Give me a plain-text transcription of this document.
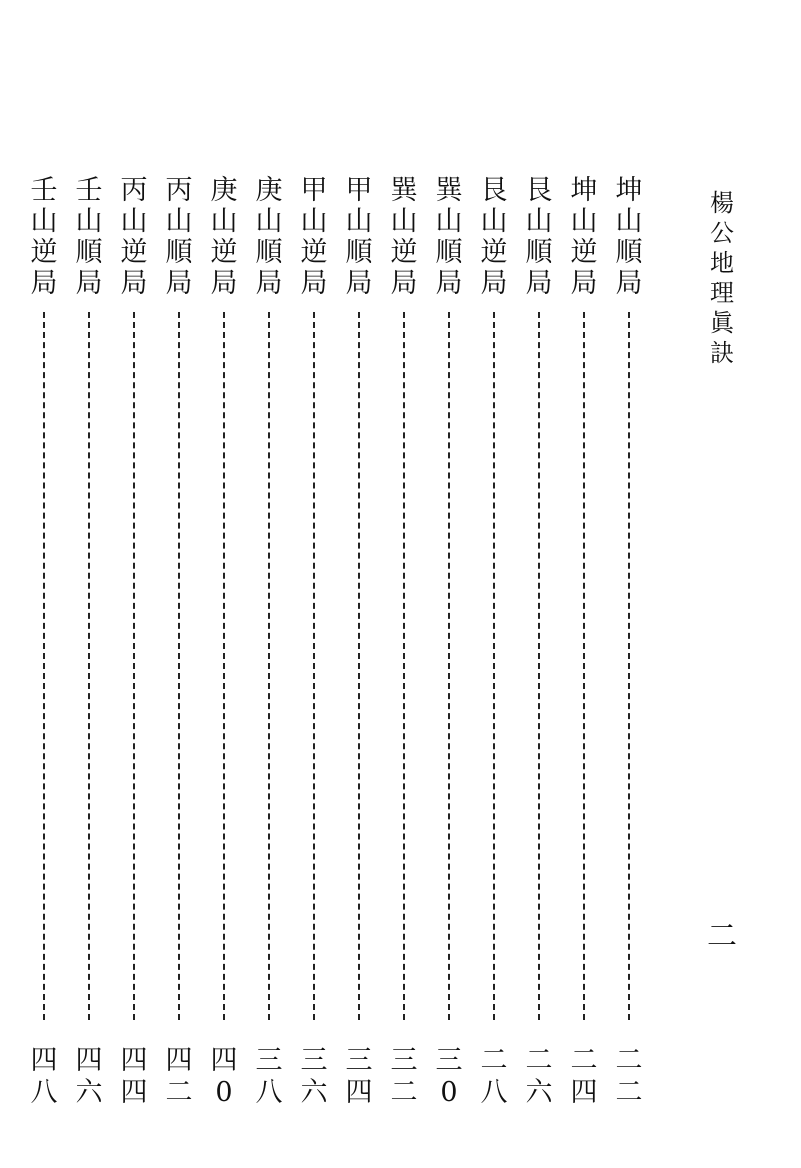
楊公地理眞訣
二
坤山順局
二二
坤山逆局
二四
艮山順局
二六
艮山逆局
二八
巽山順局
三0
巽山逆局
三二
甲山順局
三四
甲山逆局
三六
庚山順局
三八
庚山逆局
四0
丙山順局
四二
丙山逆局
四四
壬山順局
四六
壬山逆局
四八
